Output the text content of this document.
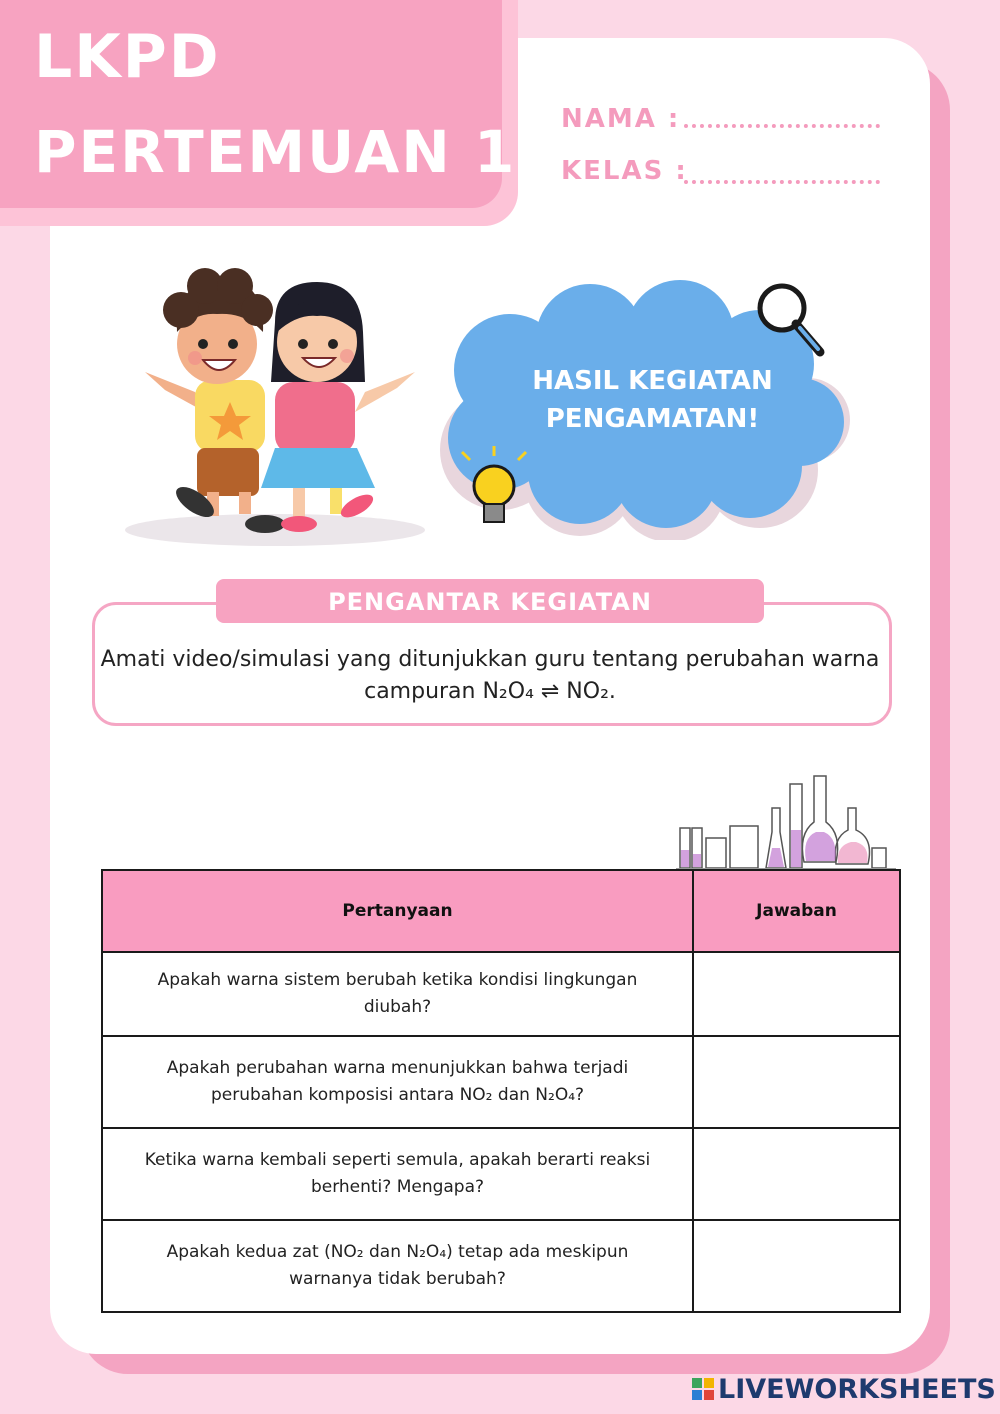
LKPD
PERTEMUAN 1 NAMA :
KELAS :
HASIL KEGIATAN
PENGAMATAN!
PENGANTAR KEGIATAN
Amati video/simulasi yang ditunjukkan guru tentang perubahan warna
campuran N₂O₄ ⇌ NO₂.
Pertanyaan	Jawaban
Apakah warna sistem berubah ketika kondisi lingkungan diubah?	
Apakah perubahan warna menunjukkan bahwa terjadi perubahan komposisi antara NO₂ dan N₂O₄?	
Ketika warna kembali seperti semula, apakah berarti reaksi berhenti? Mengapa?	
Apakah kedua zat (NO₂ dan N₂O₄) tetap ada meskipun warnanya tidak berubah?	
LIVEWORKSHEETS
